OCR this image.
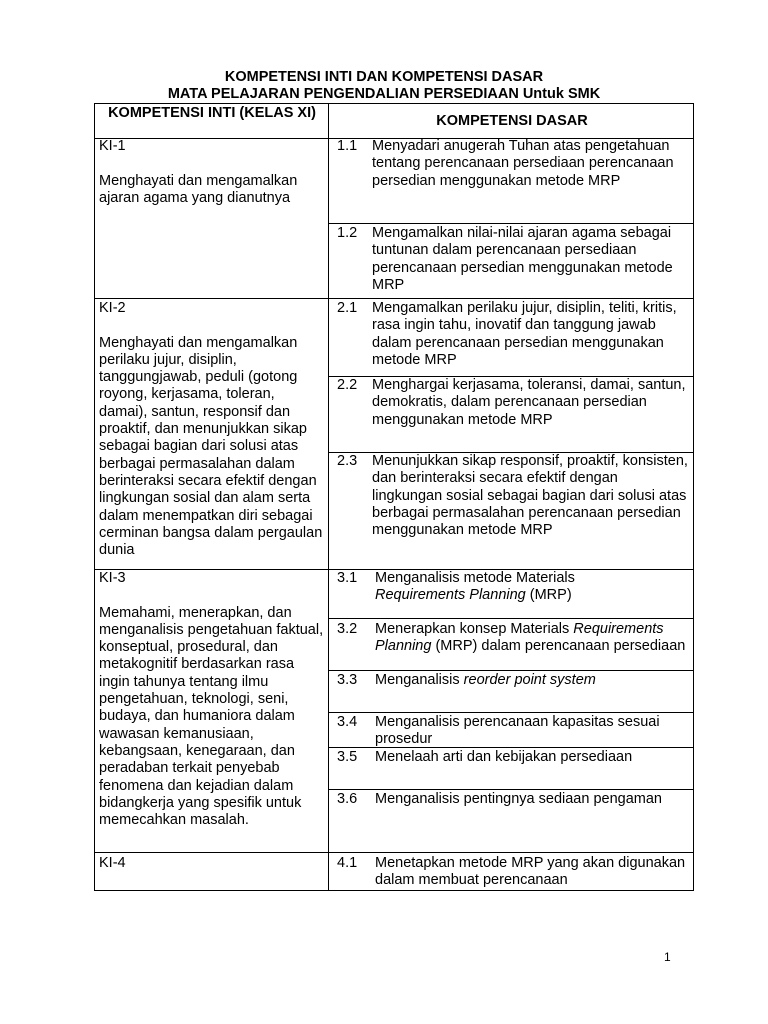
KOMPETENSI INTI DAN KOMPETENSI DASAR
MATA PELAJARAN PENGENDALIAN PERSEDIAAN Untuk SMK
KOMPETENSI INTI (KELAS XI)	KOMPETENSI DASAR
KI-1
Menghayati dan mengamalkan ajaran agama yang dianutnya
KI-2
Menghayati dan mengamalkan perilaku jujur, disiplin, tanggungjawab, peduli (gotong royong, kerjasama, toleran, damai), santun, responsif dan proaktif, dan menunjukkan sikap sebagai bagian dari solusi atas berbagai permasalahan dalam berinteraksi secara efektif dengan lingkungan sosial dan alam serta dalam menempatkan diri sebagai cerminan bangsa dalam pergaulan dunia
KI-3
Memahami, menerapkan, dan menganalisis pengetahuan faktual, konseptual, prosedural, dan metakognitif berdasarkan rasa ingin tahunya tentang ilmu pengetahuan, teknologi, seni, budaya, dan humaniora dalam wawasan kemanusiaan, kebangsaan, kenegaraan, dan peradaban terkait penyebab fenomena dan kejadian dalam bidangkerja yang spesifik untuk memecahkan masalah.
KI-4
1.1 Menyadari anugerah Tuhan atas pengetahuan tentang perencanaan persediaan perencanaan persedian menggunakan metode MRP
1.2 Mengamalkan nilai-nilai ajaran agama sebagai tuntunan dalam perencanaan persediaan perencanaan persedian menggunakan metode MRP
2.1 Mengamalkan perilaku jujur, disiplin, teliti, kritis, rasa ingin tahu, inovatif dan tanggung jawab dalam perencanaan persedian menggunakan metode MRP
2.2 Menghargai kerjasama, toleransi, damai, santun, demokratis, dalam perencanaan persedian menggunakan metode MRP
2.3 Menunjukkan sikap responsif, proaktif, konsisten, dan berinteraksi secara efektif dengan lingkungan sosial sebagai bagian dari solusi atas berbagai permasalahan perencanaan persedian menggunakan metode MRP
3.1 Menganalisis metode Materials
Requirements Planning (MRP)
3.2 Menerapkan konsep Materials Requirements Planning (MRP) dalam perencanaan persediaan
3.3 Menganalisis reorder point system
3.4 Menganalisis perencanaan kapasitas sesuai prosedur
3.5 Menelaah arti dan kebijakan persediaan
3.6 Menganalisis pentingnya sediaan pengaman
4.1 Menetapkan metode MRP yang akan digunakan dalam membuat perencanaan
1
